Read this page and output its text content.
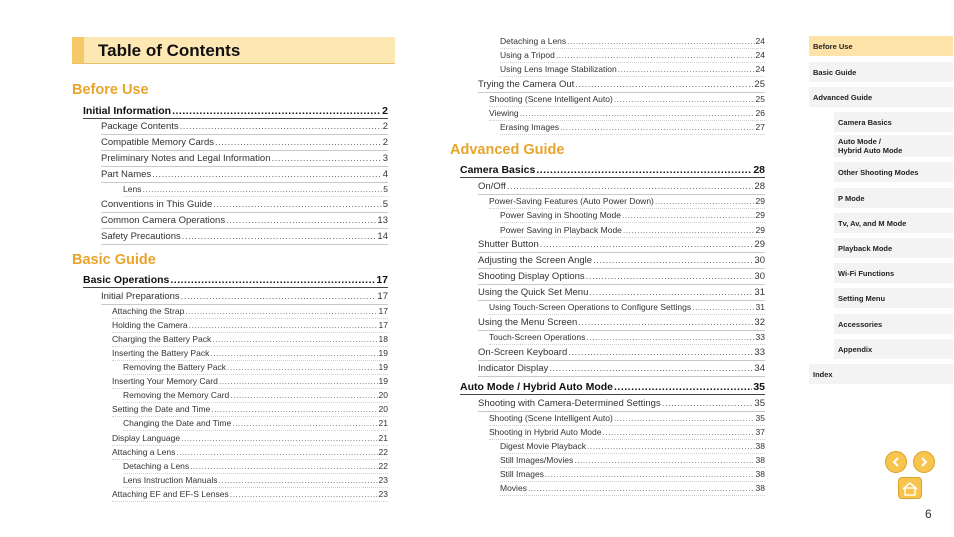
Table of Contents
Before Use
Basic Guide
Advanced Guide
Initial Information .....	2
Package Contents .....	2
Compatible Memory Cards .....	2
Preliminary Notes and Legal Information .....	3
Part Names .....	4
Lens .....	5
Conventions in This Guide .....	5
Common Camera Operations .....	13
Safety Precautions .....	14
Basic Operations .....	17
Initial Preparations .....	17
Attaching the Strap .....	17
Holding the Camera .....	17
Charging the Battery Pack .....	18
Inserting the Battery Pack .....	19
Removing the Battery Pack .....	19
Inserting Your Memory Card .....	19
Removing the Memory Card .....	20
Setting the Date and Time .....	20
Changing the Date and Time .....	21
Display Language .....	21
Attaching a Lens .....	22
Detaching a Lens .....	22
Lens Instruction Manuals .....	23
Attaching EF and EF-S Lenses .....	23
Detaching a Lens .....	24
Using a Tripod .....	24
Using Lens Image Stabilization .....	24
Trying the Camera Out .....	25
Shooting (Scene Intelligent Auto) .....	25
Viewing .....	26
Erasing Images .....	27
Camera Basics .....	28
On/Off .....	28
Power-Saving Features (Auto Power Down) .....	29
Power Saving in Shooting Mode .....	29
Power Saving in Playback Mode .....	29
Shutter Button .....	29
Adjusting the Screen Angle .....	30
Shooting Display Options .....	30
Using the Quick Set Menu .....	31
Using Touch-Screen Operations to Configure Settings .....	31
Using the Menu Screen .....	32
Touch-Screen Operations .....	33
On-Screen Keyboard .....	33
Indicator Display .....	34
Auto Mode / Hybrid Auto Mode .....	35
Shooting with Camera-Determined Settings .....	35
Shooting (Scene Intelligent Auto) .....	35
Shooting in Hybrid Auto Mode .....	37
Digest Movie Playback .....	38
Still Images/Movies .....	38
Still Images .....	38
Movies .....	38
Before Use
Basic Guide
Advanced Guide
Camera Basics
Auto Mode /
Hybrid Auto Mode
Other Shooting Modes
P Mode
Tv, Av, and M Mode
Playback Mode
Wi-Fi Functions
Setting Menu
Accessories
Appendix
Index
6
